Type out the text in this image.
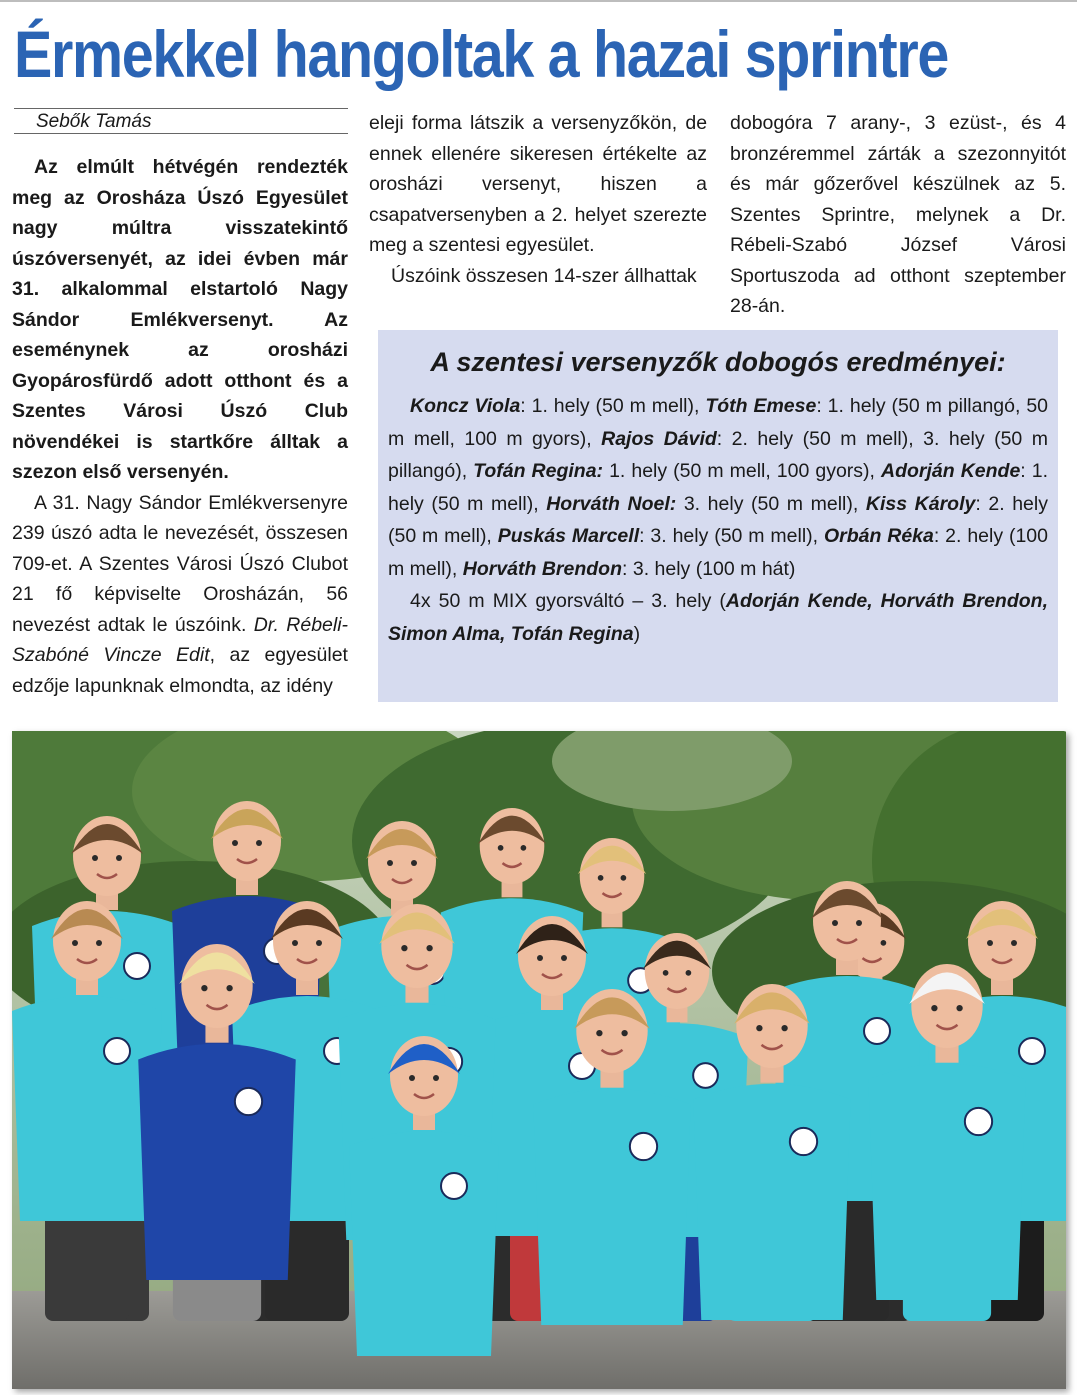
Érmekkel hangoltak a hazai sprintre
Sebők Tamás

Az elmúlt hétvégén rendezték meg az Orosháza Úszó Egyesület nagy	múltra	visszatekintő úszóversenyét, az idei évben már 31. alkalommal elstartoló Nagy Sándor	Emlékversenyt.	Az eseménynek	az	orosházi Gyopárosfürdő adott otthont és a Szentes Városi Úszó Club növendékei is startkőre álltak a szezon első versenyén.

A 31. Nagy Sándor Emlékversenyre 239 úszó adta le nevezését, összesen 709-et. A Szentes Városi Úszó Clubot 21 fő képviselte Orosházán, 56 nevezést adtak le úszóink. Dr. Rébeli-Szabóné Vincze Edit, az egyesület edzője lapunknak elmondta, az idény

eleji forma látszik a versenyzőkön, de ennek ellenére sikeresen értékelte az orosházi versenyt, hiszen a csapatversenyben a 2. helyet szerezte meg a szentesi egyesület.

Úszóink összesen 14-szer állhattak

dobogóra 7 arany-, 3 ezüst-, és 4 bronzéremmel zárták a szezonnyitót és már gőzerővel készülnek az 5. Szentes Sprintre, melynek a Dr. Rébeli-Szabó	József	Városi Sportuszoda ad otthont szeptember 28-án.

A szentesi versenyzők dobogós eredményei:

Koncz Viola: 1. hely (50 m mell), Tóth Emese: 1. hely (50 m pillangó, 50 m mell, 100 m gyors), Rajos Dávid: 2. hely (50 m mell), 3. hely (50 m pillangó), Tofán Regina: 1. hely (50 m mell, 100 gyors), Adorján Kende: 1. hely (50 m mell), Horváth Noel: 3. hely (50 m mell), Kiss Károly: 2. hely (50 m mell), Puskás Marcell: 3. hely (50 m mell), Orbán Réka: 2. hely (100 m mell), Horváth Brendon: 3. hely (100 m hát)

4x 50 m MIX gyorsváltó – 3. hely (Adorján Kende, Horváth Brendon, Simon Alma, Tofán Regina)
